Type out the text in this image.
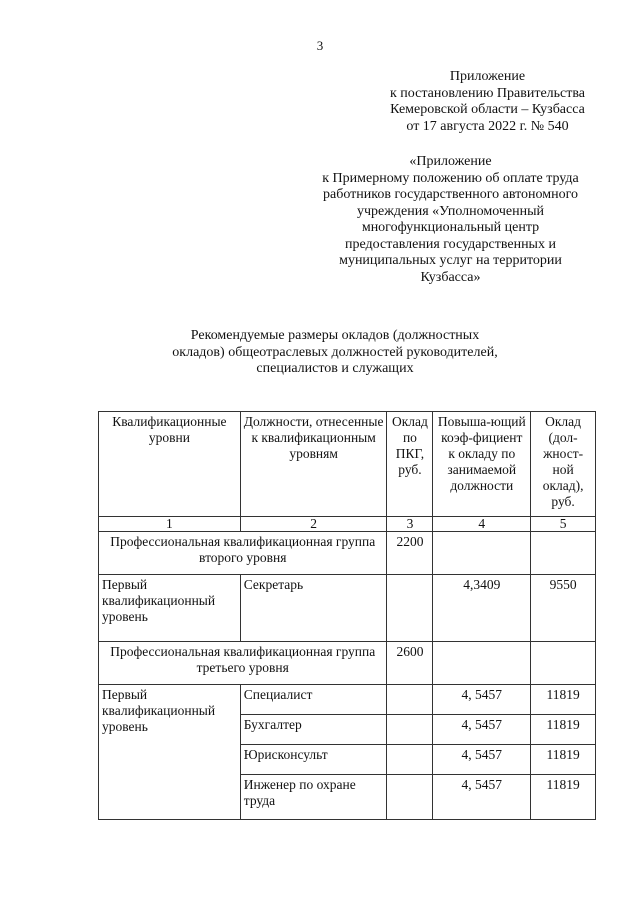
3
Приложение
к постановлению Правительства
Кемеровской области – Кузбасса
от 17 августа 2022 г. № 540
«Приложение
к Примерному положению об оплате труда
работников государственного автономного
учреждения «Уполномоченный
многофункциональный центр
предоставления государственных и
муниципальных услуг на территории
Кузбасса»
Рекомендуемые размеры окладов (должностных
окладов) общеотраслевых должностей руководителей,
специалистов и служащих
Квалификационные уровни	Должности, отнесенные к квалификационным уровням	Оклад по ПКГ, руб.	Повыша-ющий коэф-фициент к окладу по занимаемой должности	Оклад (дол-жност-ной оклад), руб.
1	2	3	4	5
Профессиональная квалификационная группа второго уровня		2200		
Первый квалификационный уровень	Секретарь		4,3409	9550
Профессиональная квалификационная группа третьего уровня		2600		
Первый квалификационный уровень	Специалист		4, 5457	11819
	Бухгалтер		4, 5457	11819
	Юрисконсульт		4, 5457	11819
	Инженер по охране труда		4, 5457	11819
